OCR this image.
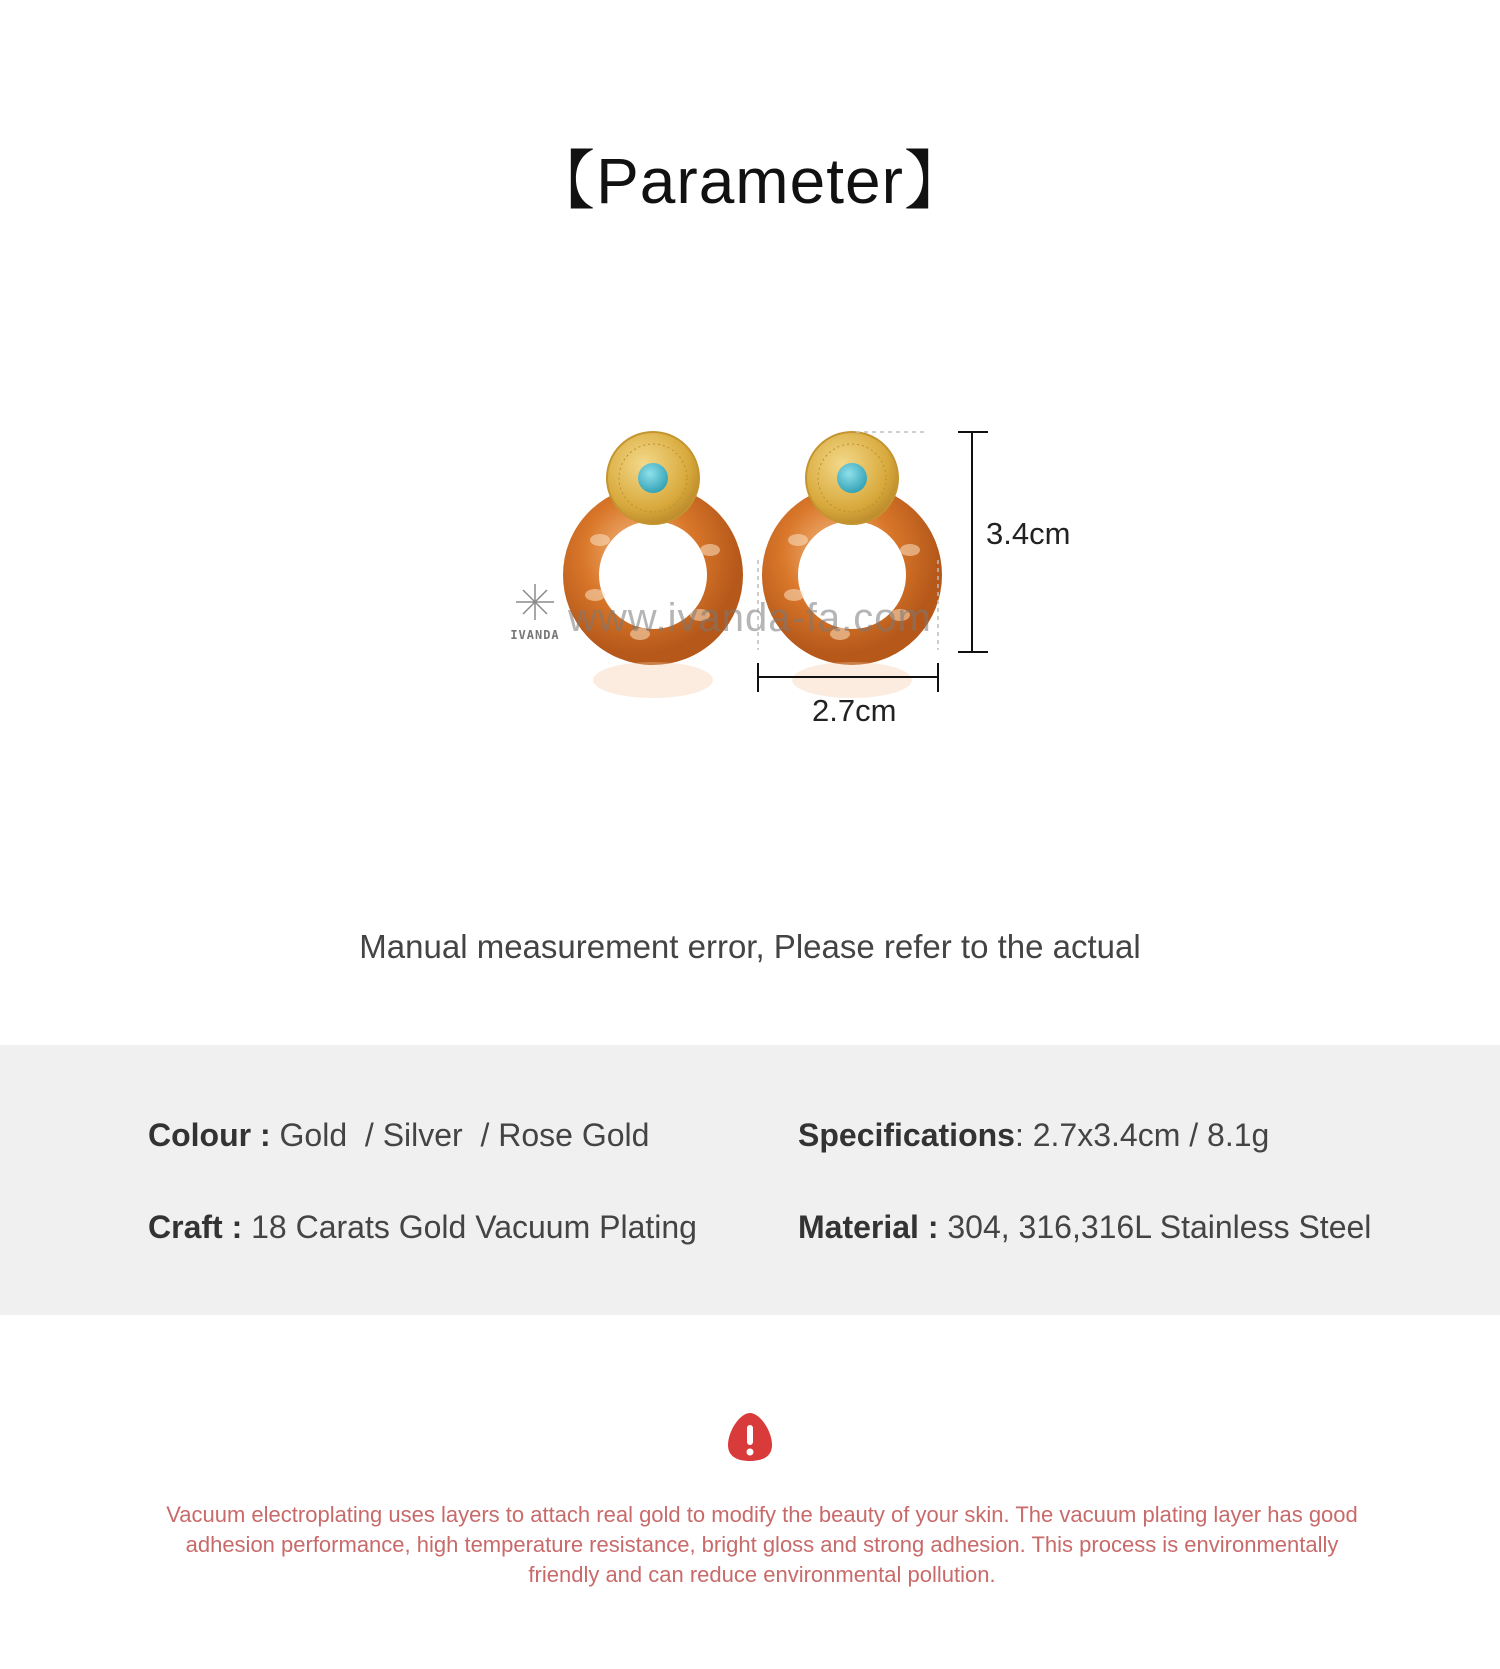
【Parameter】
IVANDA www.ivanda-fa.com
3.4cm
2.7cm
Manual measurement error, Please refer to the actual
Colour : Gold  / Silver  / Rose Gold	Specifications: 2.7x3.4cm / 8.1g
Craft : 18 Carats Gold Vacuum Plating	Material : 304, 316,316L Stainless Steel
Vacuum electroplating uses layers to attach real gold to modify the beauty of your skin. The vacuum plating layer has good adhesion performance, high temperature resistance, bright gloss and strong adhesion. This process is environmentally friendly and can reduce environmental pollution.
